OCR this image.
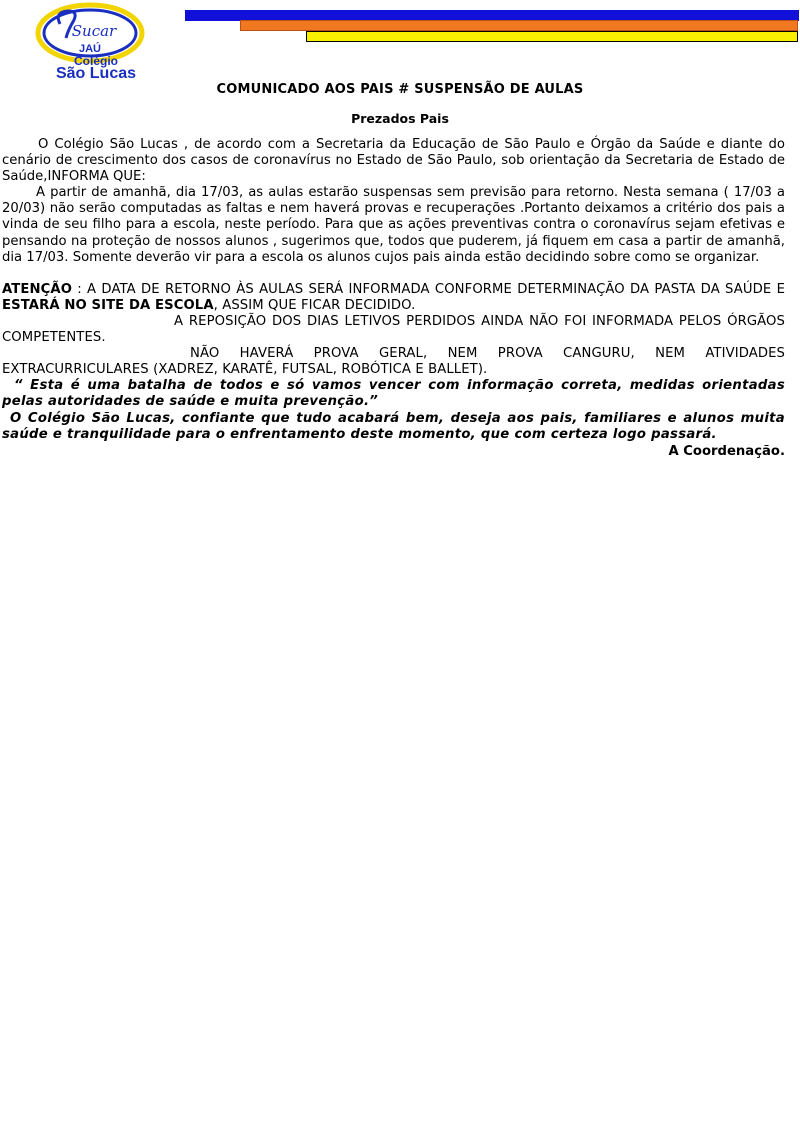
Sucar
JAÚ
Colégio
São Lucas
COMUNICADO AOS PAIS # SUSPENSÃO DE AULAS
Prezados Pais

O Colégio São Lucas , de acordo com a Secretaria da Educação de São Paulo e Órgão da Saúde e diante do cenário de crescimento dos casos de coronavírus no Estado de São Paulo, sob orientação da Secretaria de Estado de Saúde,INFORMA QUE:

A partir de amanhã, dia 17/03, as aulas estarão suspensas sem previsão para retorno. Nesta semana ( 17/03 a 20/03) não serão computadas as faltas e nem haverá provas e recuperações .Portanto deixamos a critério dos pais a vinda de seu filho para a escola, neste período. Para que as ações preventivas contra o coronavírus sejam efetivas e pensando na proteção de nossos alunos , sugerimos que, todos que puderem, já fiquem em casa a partir de amanhã, dia 17/03. Somente deverão vir para a escola os alunos cujos pais ainda estão decidindo sobre como se organizar.

ATENÇÃO : A DATA DE RETORNO ÀS AULAS SERÁ INFORMADA CONFORME DETERMINAÇÃO DA PASTA DA SAÚDE E ESTARÁ NO SITE DA ESCOLA, ASSIM QUE FICAR DECIDIDO.

A REPOSIÇÃO DOS DIAS LETIVOS PERDIDOS AINDA NÃO FOI INFORMADA PELOS ÓRGÃOS COMPETENTES.

NÃO HAVERÁ PROVA GERAL, NEM PROVA CANGURU, NEM ATIVIDADES EXTRACURRICULARES (XADREZ, KARATÊ, FUTSAL, ROBÓTICA E BALLET).

“ Esta é uma batalha de todos e só vamos vencer com informação correta, medidas orientadas pelas autoridades de saúde e muita prevenção.”

O Colégio São Lucas, confiante que tudo acabará bem, deseja aos pais, familiares e alunos muita saúde e tranquilidade para o enfrentamento deste momento, que com certeza logo passará.

A Coordenação.
